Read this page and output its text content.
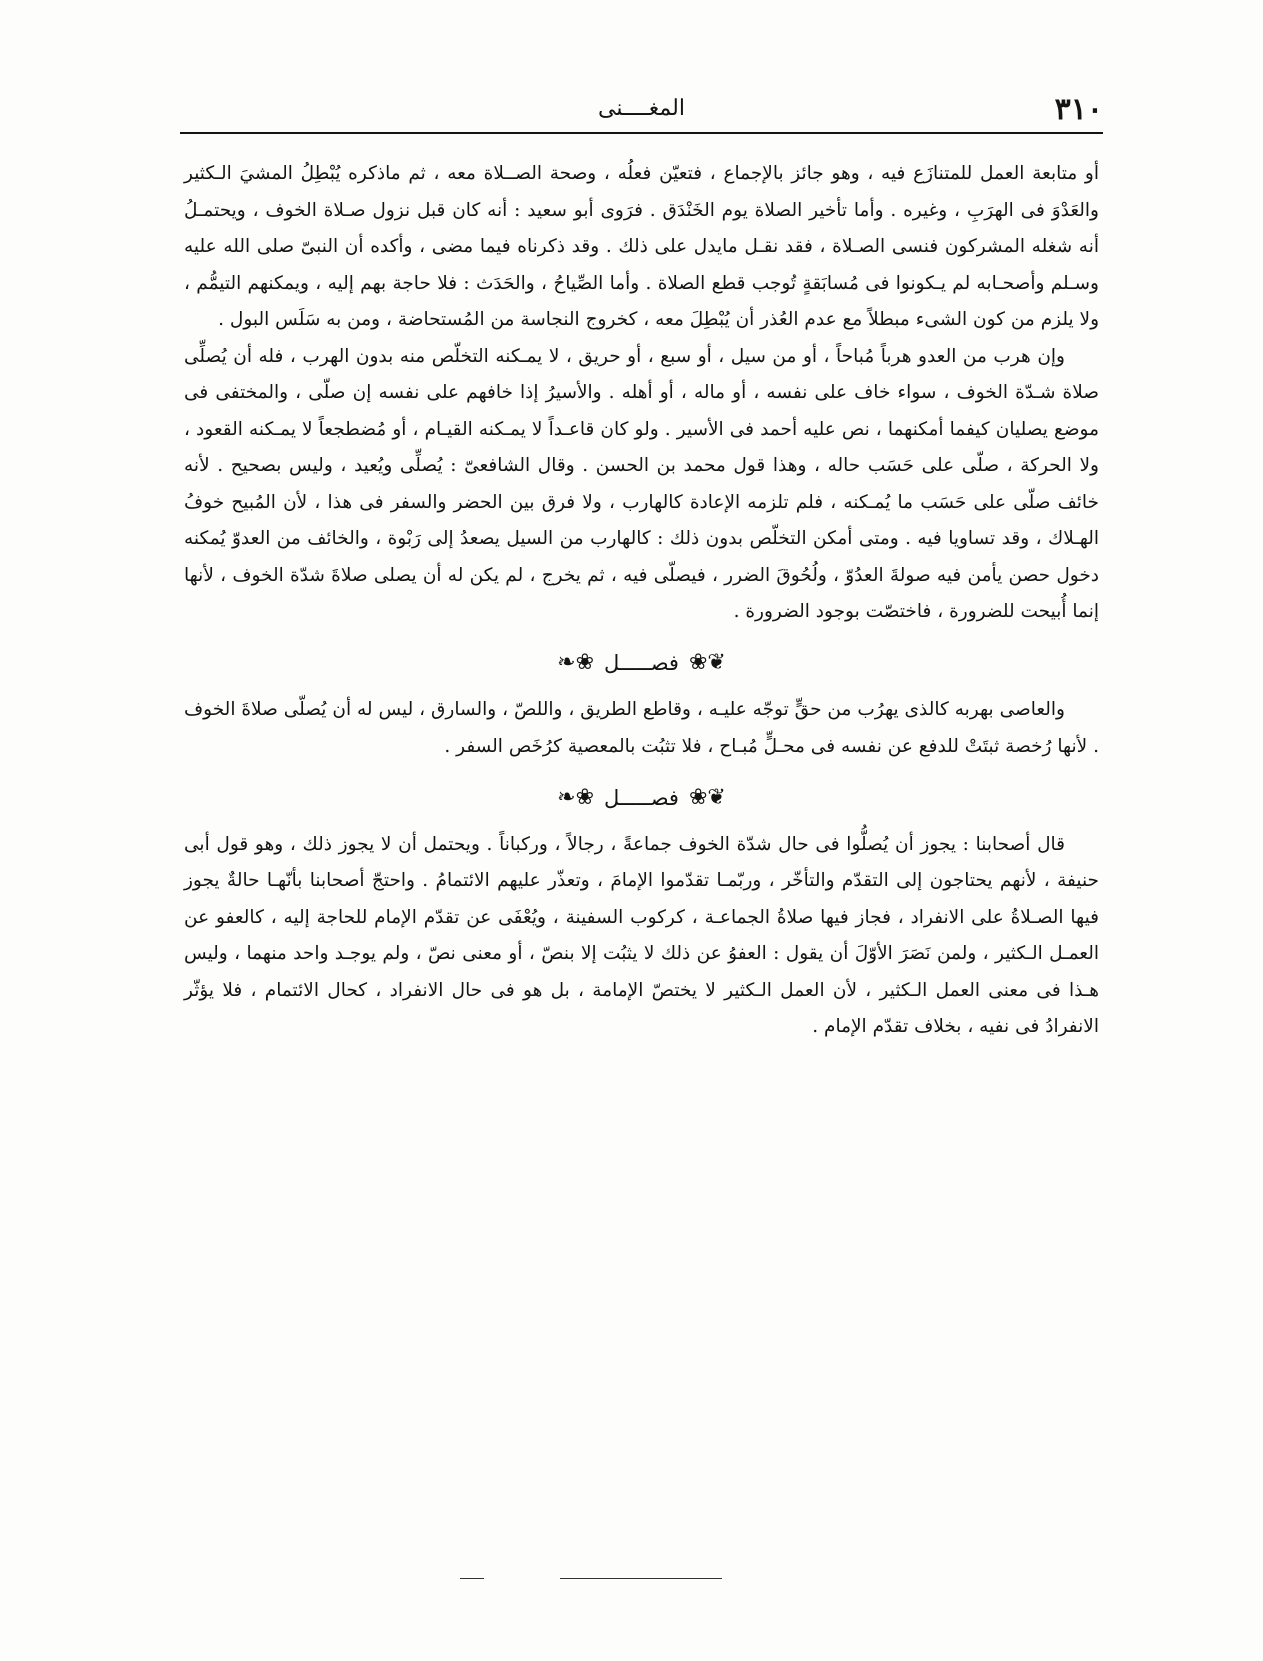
٣١٠
المغــــنى

أو متابعة العمل للمتنازَع فيه ، وهو جائز بالإجماع ، فتعيّن فعلُه ، وصحة الصــلاة معه ، ثم ماذكره يُبْطِلُ المشيَ الـكثير والعَدْوَ فى الهرَبِ ، وغيره . وأما تأخير الصلاة يوم الخَنْدَق . فرَوى أبو سعيد : أنه كان قبل نزول صـلاة الخوف ، ويحتمـلُ أنه شغله المشركون فنسى الصـلاة ، فقد نقـل مايدل على ذلك . وقد ذكرناه فيما مضى ، وأكده أن النبىّ صلى الله عليه وسـلم وأصحـابه لم يـكونوا فى مُسابَقةٍ تُوجب قطع الصلاة . وأما الصِّياحُ ، والحَدَث : فلا حاجة بهم إليه ، ويمكنهم التيمُّم ، ولا يلزم من كون الشىء مبطلاً مع عدم العُذر أن يُبْطِلَ معه ، كخروج النجاسة من المُستحاضة ، ومن به سَلَس البول .

وإن هرب من العدو هرباً مُباحاً ، أو من سيل ، أو سبع ، أو حريق ، لا يمـكنه التخلّص منه بدون الهرب ، فله أن يُصلِّى صلاة شـدّة الخوف ، سواء خاف على نفسه ، أو ماله ، أو أهله . والأسيرُ إذا خافهم على نفسه إن صلّى ، والمختفى فى موضع يصليان كيفما أمكنهما ، نص عليه أحمد فى الأسير . ولو كان قاعـداً لا يمـكنه القيـام ، أو مُضطجعاً لا يمـكنه القعود ، ولا الحركة ، صلّى على حَسَب حاله ، وهذا قول محمد بن الحسن . وقال الشافعىّ : يُصلِّى ويُعيد ، وليس بصحيح . لأنه خائف صلّى على حَسَب ما يُمـكنه ، فلم تلزمه الإعادة كالهارب ، ولا فرق بين الحضر والسفر فى هذا ، لأن المُبيح خوفُ الهـلاك ، وقد تساويا فيه . ومتى أمكن التخلّص بدون ذلك : كالهارب من السيل يصعدُ إلى رَبْوة ، والخائف من العدوّ يُمكنه دخول حصن يأمن فيه صولةَ العدُوّ ، ولُحُوقَ الضرر ، فيصلّى فيه ، ثم يخرج ، لم يكن له أن يصلى صلاةَ شدّة الخوف ، لأنها إنما أُبيحت للضرورة ، فاختصّت بوجود الضرورة .

❦❀فصـــــل❀❧

والعاصى بهربه كالذى يهرُب من حقٍّ توجّه عليـه ، وقاطع الطريق ، واللصّ ، والسارق ، ليس له أن يُصلّى صلاةَ الخوف . لأنها رُخصة ثبتَتْ للدفع عن نفسه فى محـلٍّ مُبـاح ، فلا تثبُت بالمعصية كرُخَص السفر .

❦❀فصـــــل❀❧

قال أصحابنا : يجوز أن يُصلُّوا فى حال شدّة الخوف جماعةً ، رجالاً ، وركباناً . ويحتمل أن لا يجوز ذلك ، وهو قول أبى حنيفة ، لأنهم يحتاجون إلى التقدّم والتأخّر ، وربّمـا تقدّموا الإمامَ ، وتعذّر عليهم الائتمامُ . واحتجّ أصحابنا بأنّهـا حالةٌ يجوز فيها الصـلاةُ على الانفراد ، فجاز فيها صلاةُ الجماعـة ، كركوب السفينة ، ويُعْفَى عن تقدّم الإمام للحاجة إليه ، كالعفو عن العمـل الـكثير ، ولمن نَصَرَ الأوّلَ أن يقول : العفوُ عن ذلك لا يثبُت إلا بنصّ ، أو معنى نصّ ، ولم يوجـد واحد منهما ، وليس هـذا فى معنى العمل الـكثير ، لأن العمل الـكثير لا يختصّ الإمامة ، بل هو فى حال الانفراد ، كحال الائتمام ، فلا يؤثّر الانفرادُ فى نفيه ، بخلاف تقدّم الإمام .
